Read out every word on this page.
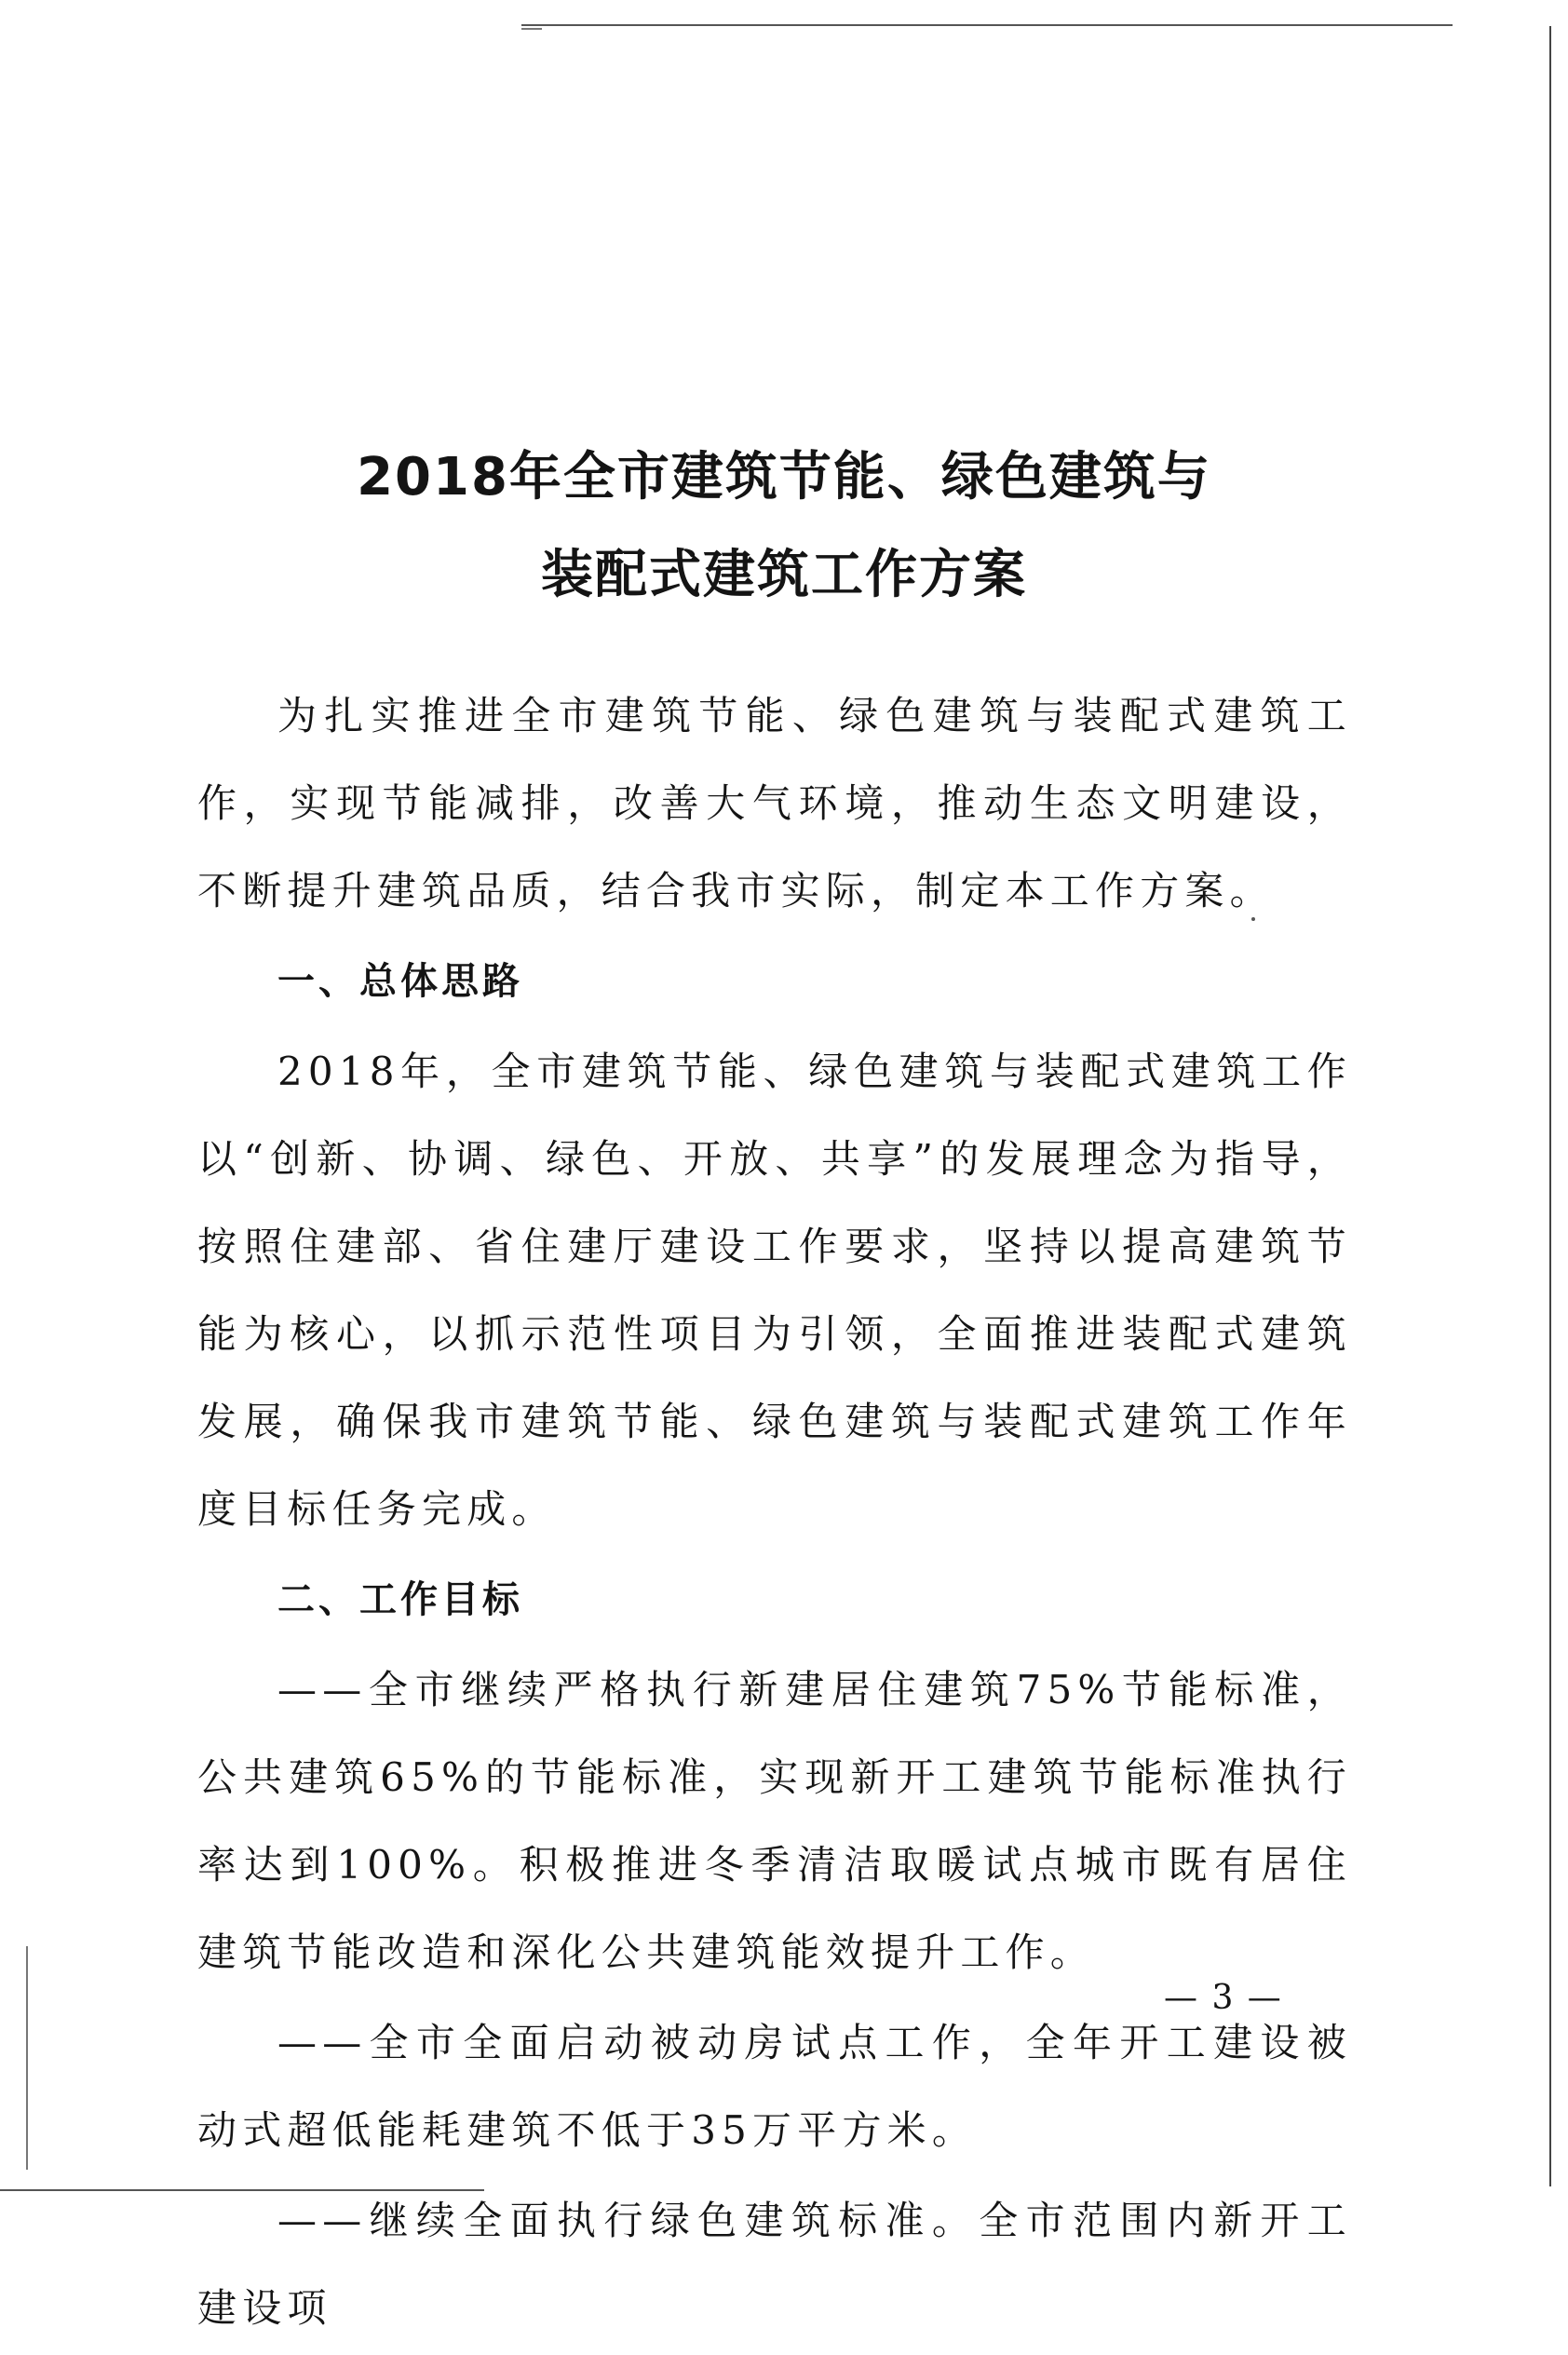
2018年全市建筑节能、绿色建筑与
装配式建筑工作方案

为扎实推进全市建筑节能、绿色建筑与装配式建筑工作，实现节能减排，改善大气环境，推动生态文明建设，不断提升建筑品质，结合我市实际，制定本工作方案。

一、总体思路

2018年，全市建筑节能、绿色建筑与装配式建筑工作以“创新、协调、绿色、开放、共享”的发展理念为指导，按照住建部、省住建厅建设工作要求，坚持以提高建筑节能为核心，以抓示范性项目为引领，全面推进装配式建筑发展，确保我市建筑节能、绿色建筑与装配式建筑工作年度目标任务完成。

二、工作目标

——全市继续严格执行新建居住建筑75%节能标准，公共建筑65%的节能标准，实现新开工建筑节能标准执行率达到100%。积极推进冬季清洁取暖试点城市既有居住建筑节能改造和深化公共建筑能效提升工作。

——全市全面启动被动房试点工作，全年开工建设被动式超低能耗建筑不低于35万平方米。

——继续全面执行绿色建筑标准。全市范围内新开工建设项

— 3 —
